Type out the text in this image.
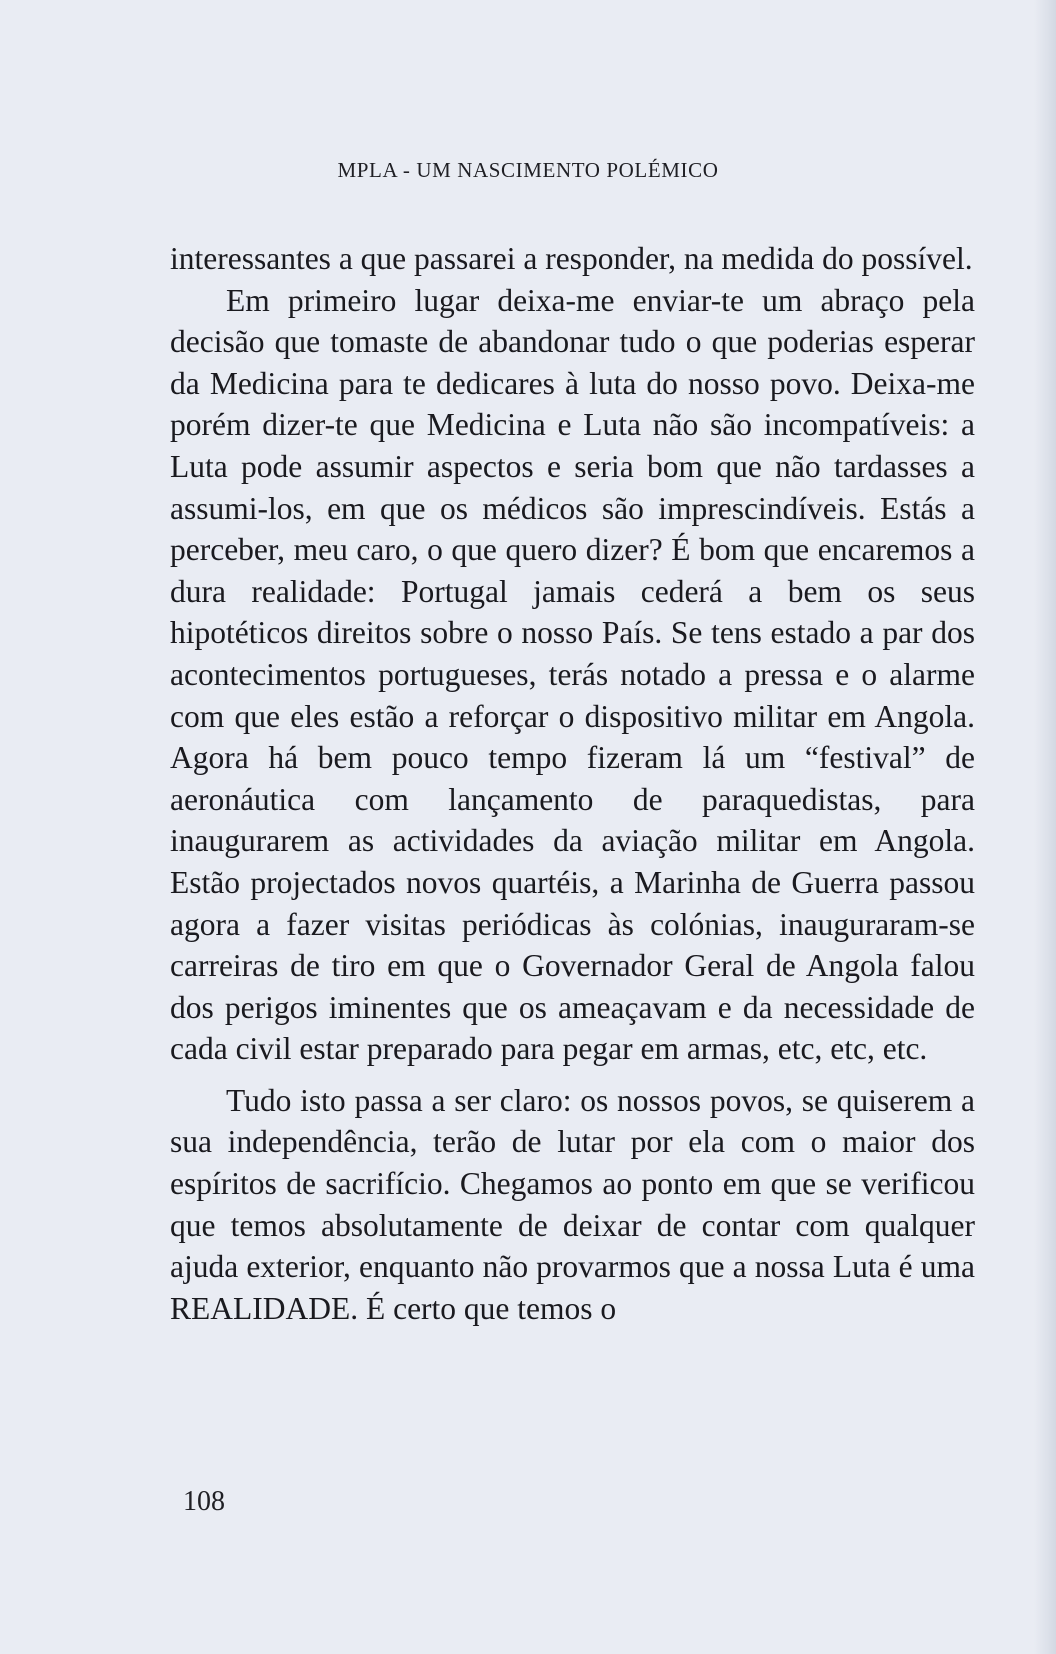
MPLA - UM NASCIMENTO POLÉMICO

interessantes a que passarei a responder, na medida do possível.

Em primeiro lugar deixa-me enviar-te um abraço pela decisão que tomaste de abandonar tudo o que poderias esperar da Medicina para te dedicares à luta do nosso povo. Deixa-me porém dizer-te que Medicina e Luta não são incompatíveis: a Luta pode assumir aspectos e seria bom que não tardasses a assumi-los, em que os médicos são imprescindíveis. Estás a perceber, meu caro, o que quero dizer? É bom que encaremos a dura realidade: Portugal jamais cederá a bem os seus hipotéticos direitos sobre o nosso País. Se tens estado a par dos acontecimentos portugueses, terás notado a pressa e o alarme com que eles estão a reforçar o dispositivo militar em Angola. Agora há bem pouco tempo fizeram lá um “festival” de aeronáutica com lançamento de paraquedistas, para inaugurarem as actividades da aviação militar em Angola. Estão projectados novos quartéis, a Marinha de Guerra passou agora a fazer visitas periódicas às colónias, inauguraram-se carreiras de tiro em que o Governador Geral de Angola falou dos perigos iminentes que os ameaçavam e da necessidade de cada civil estar preparado para pegar em armas, etc, etc, etc.

Tudo isto passa a ser claro: os nossos povos, se quiserem a sua independência, terão de lutar por ela com o maior dos espíritos de sacrifício. Chegamos ao ponto em que se verificou que temos absolutamente de deixar de contar com qualquer ajuda exterior, enquanto não provarmos que a nossa Luta é uma REALIDADE. É certo que temos o

108
